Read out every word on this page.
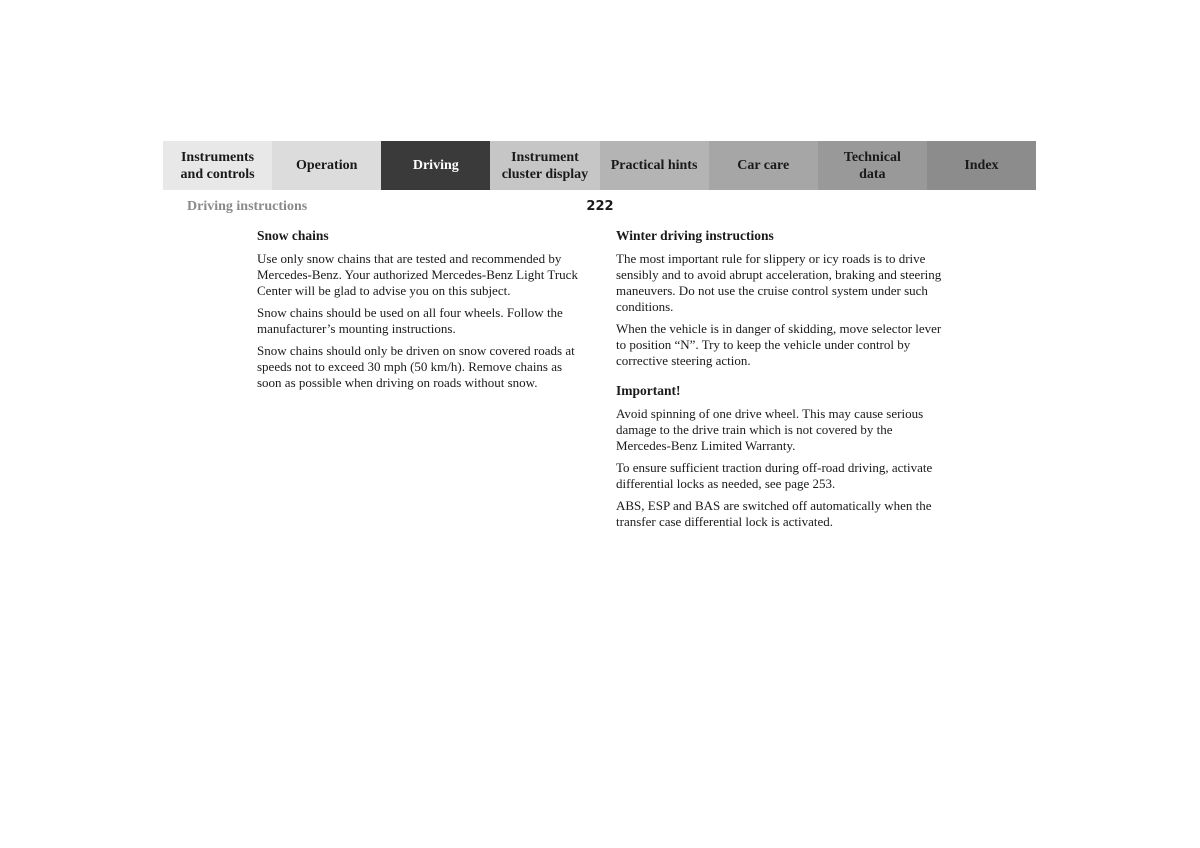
Instruments
and controls
Operation	Driving
Instrument
cluster display
Practical hints	Car care
Technical
data
Index
Driving instructions	222
Snow chains

Use only snow chains that are tested and recommended by Mercedes-Benz. Your authorized Mercedes-Benz Light Truck Center will be glad to advise you on this subject.

Snow chains should be used on all four wheels. Follow the manufacturer’s mounting instructions.

Snow chains should only be driven on snow covered roads at speeds not to exceed 30 mph (50 km/h). Remove chains as soon as possible when driving on roads without snow.

Winter driving instructions

The most important rule for slippery or icy roads is to drive sensibly and to avoid abrupt acceleration, braking and steering maneuvers. Do not use the cruise control system under such conditions.

When the vehicle is in danger of skidding, move selector lever to position “N”. Try to keep the vehicle under control by corrective steering action.

Important!

Avoid spinning of one drive wheel. This may cause serious damage to the drive train which is not covered by the Mercedes-Benz Limited Warranty.

To ensure sufficient traction during off-road driving, activate differential locks as needed, see page 253.

ABS, ESP and BAS are switched off automatically when the transfer case differential lock is activated.
